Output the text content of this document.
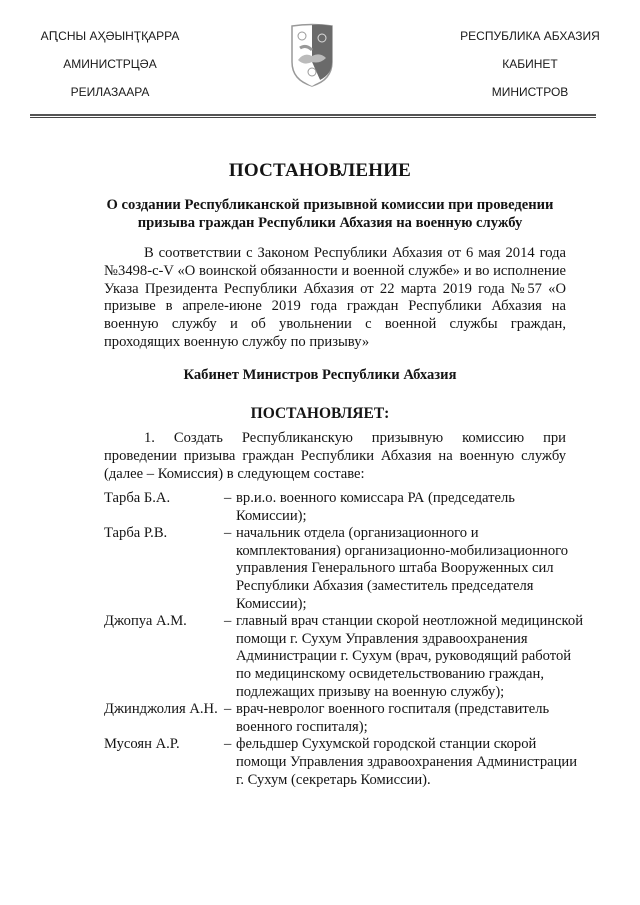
АԤСНЫ АҲӘЫНҬҚАРРА
АМИНИСТРЦӘА
РЕИЛАЗААРА
РЕСПУБЛИКА АБХАЗИЯ
КАБИНЕТ
МИНИСТРОВ
ПОСТАНОВЛЕНИЕ
О создании Республиканской призывной комиссии при проведении
призыва граждан Республики Абхазия на военную службу
В соответствии с Законом Республики Абхазия от 6 мая 2014 года №3498-с-V «О воинской обязанности и военной службе» и во исполнение Указа Президента Республики Абхазия от 22 марта 2019 года №57 «О призыве в апреле-июне 2019 года граждан Республики Абхазия на военную службу и об увольнении с военной службы граждан, проходящих военную службу по призыву»
Кабинет Министров Республики Абхазия
ПОСТАНОВЛЯЕТ:
1. Создать Республиканскую призывную комиссию при проведении призыва граждан Республики Абхазия на военную службу (далее – Комиссия) в следующем составе:
Тарба Б.А.	– вр.и.о. военного комиссара РА (председатель Комиссии);
Тарба Р.В.	– начальник отдела (организационного и комплектования) организационно-мобилизационного управления Генерального штаба Вооруженных сил Республики Абхазия (заместитель председателя Комиссии);
Джопуа А.М.	– главный врач станции скорой неотложной медицинской помощи г. Сухум Управления здравоохранения Администрации г. Сухум (врач, руководящий работой по медицинскому освидетельствованию граждан, подлежащих призыву на военную службу);
Джинджолия А.Н. – врач-невролог военного госпиталя (представитель военного госпиталя);
Мусоян А.Р.	– фельдшер Сухумской городской станции скорой помощи Управления здравоохранения Администрации г. Сухум (секретарь Комиссии).
